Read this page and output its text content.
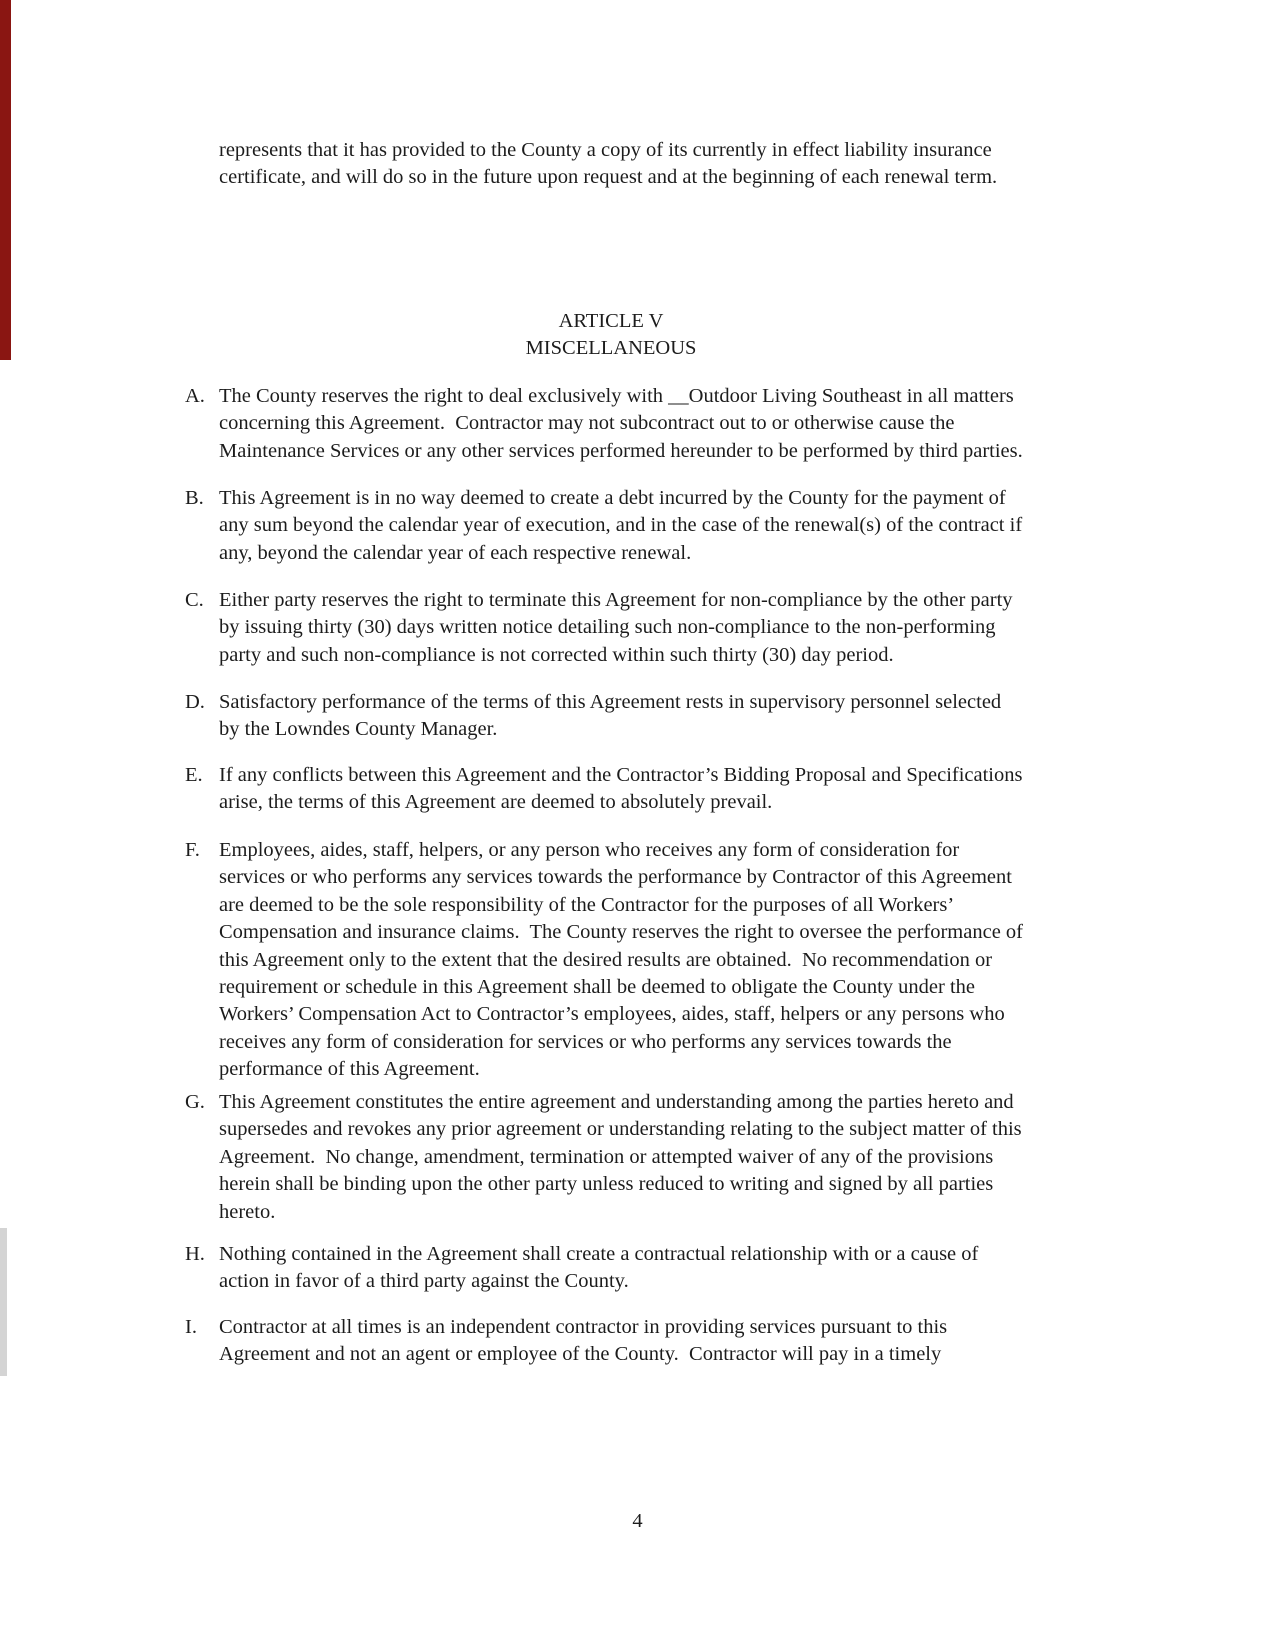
represents that it has provided to the County a copy of its currently in effect liability insurance
certificate, and will do so in the future upon request and at the beginning of each renewal term.
ARTICLE V
MISCELLANEOUS
A. The County reserves the right to deal exclusively with __Outdoor Living Southeast in all matters
concerning this Agreement.  Contractor may not subcontract out to or otherwise cause the
Maintenance Services or any other services performed hereunder to be performed by third parties.
B. This Agreement is in no way deemed to create a debt incurred by the County for the payment of
any sum beyond the calendar year of execution, and in the case of the renewal(s) of the contract if
any, beyond the calendar year of each respective renewal.
C. Either party reserves the right to terminate this Agreement for non-compliance by the other party
by issuing thirty (30) days written notice detailing such non-compliance to the non-performing
party and such non-compliance is not corrected within such thirty (30) day period.
D. Satisfactory performance of the terms of this Agreement rests in supervisory personnel selected
by the Lowndes County Manager.
E. If any conflicts between this Agreement and the Contractor’s Bidding Proposal and Specifications
arise, the terms of this Agreement are deemed to absolutely prevail.
F. Employees, aides, staff, helpers, or any person who receives any form of consideration for
services or who performs any services towards the performance by Contractor of this Agreement
are deemed to be the sole responsibility of the Contractor for the purposes of all Workers’
Compensation and insurance claims.  The County reserves the right to oversee the performance of
this Agreement only to the extent that the desired results are obtained.  No recommendation or
requirement or schedule in this Agreement shall be deemed to obligate the County under the
Workers’ Compensation Act to Contractor’s employees, aides, staff, helpers or any persons who
receives any form of consideration for services or who performs any services towards the
performance of this Agreement.
G. This Agreement constitutes the entire agreement and understanding among the parties hereto and
supersedes and revokes any prior agreement or understanding relating to the subject matter of this
Agreement.  No change, amendment, termination or attempted waiver of any of the provisions
herein shall be binding upon the other party unless reduced to writing and signed by all parties
hereto.
H. Nothing contained in the Agreement shall create a contractual relationship with or a cause of
action in favor of a third party against the County.
I.	Contractor at all times is an independent contractor in providing services pursuant to this
Agreement and not an agent or employee of the County.  Contractor will pay in a timely
4
